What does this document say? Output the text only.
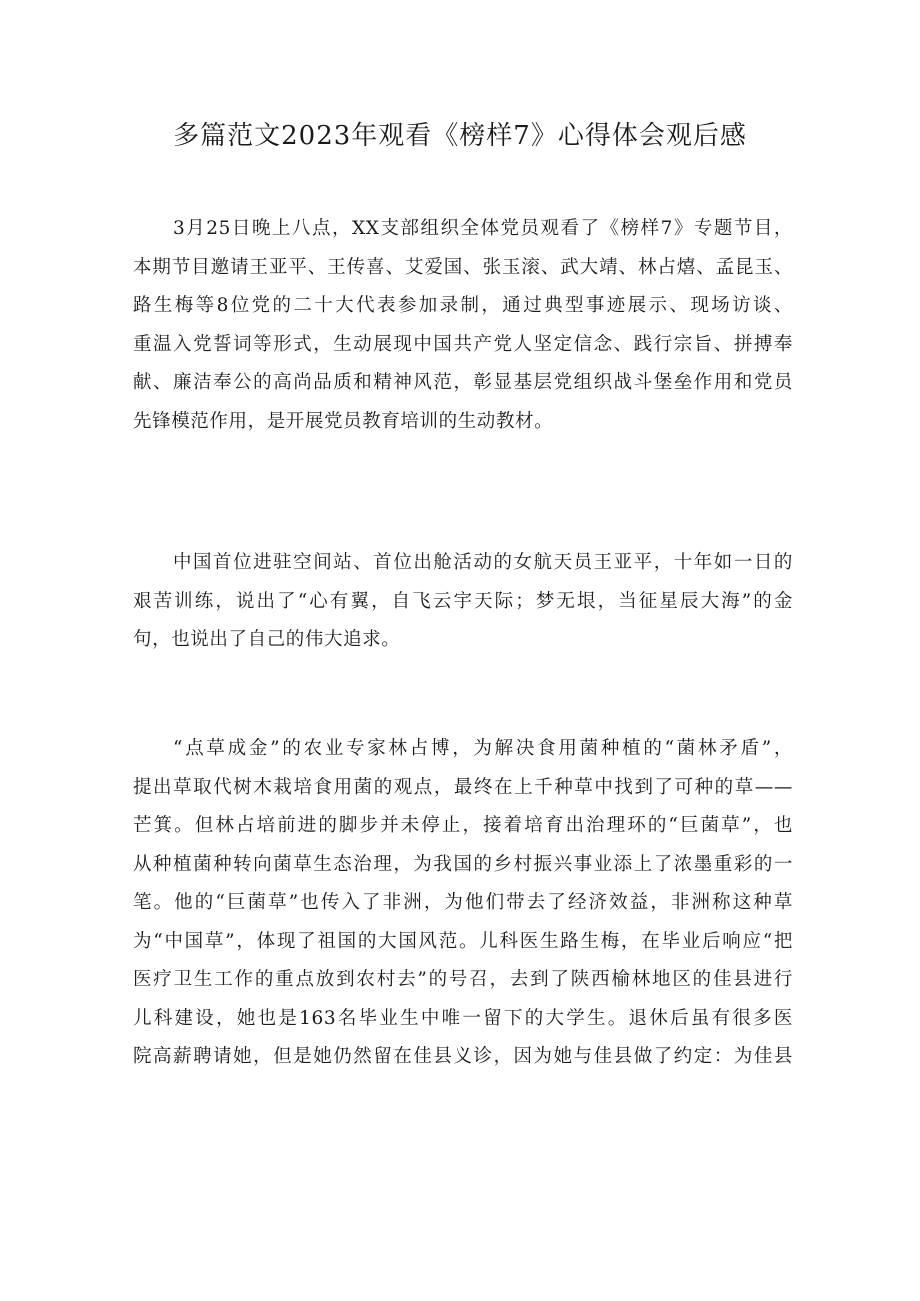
多篇范文2023年观看《榜样7》心得体会观后感
3月25日晚上八点，XX支部组织全体党员观看了《榜样7》专题节目，
本期节目邀请王亚平、王传喜、艾爱国、张玉滚、武大靖、林占熺、孟昆玉、
路生梅等8位党的二十大代表参加录制，通过典型事迹展示、现场访谈、
重温入党誓词等形式，生动展现中国共产党人坚定信念、践行宗旨、拼搏奉
献、廉洁奉公的高尚品质和精神风范，彰显基层党组织战斗堡垒作用和党员
先锋模范作用，是开展党员教育培训的生动教材。
中国首位进驻空间站、首位出舱活动的女航天员王亚平，十年如一日的
艰苦训练，说出了“心有翼，自飞云宇天际；梦无垠，当征星辰大海”的金
句，也说出了自己的伟大追求。
“点草成金”的农业专家林占博，为解决食用菌种植的“菌林矛盾”，
提出草取代树木栽培食用菌的观点，最终在上千种草中找到了可种的草——
芒箕。但林占培前进的脚步并未停止，接着培育出治理环的“巨菌草”，也
从种植菌种转向菌草生态治理，为我国的乡村振兴事业添上了浓墨重彩的一
笔。他的“巨菌草”也传入了非洲，为他们带去了经济效益，非洲称这种草
为“中国草”，体现了祖国的大国风范。儿科医生路生梅，在毕业后响应“把
医疗卫生工作的重点放到农村去”的号召，去到了陕西榆林地区的佳县进行
儿科建设，她也是163名毕业生中唯一留下的大学生。退休后虽有很多医
院高薪聘请她，但是她仍然留在佳县义诊，因为她与佳县做了约定：为佳县
